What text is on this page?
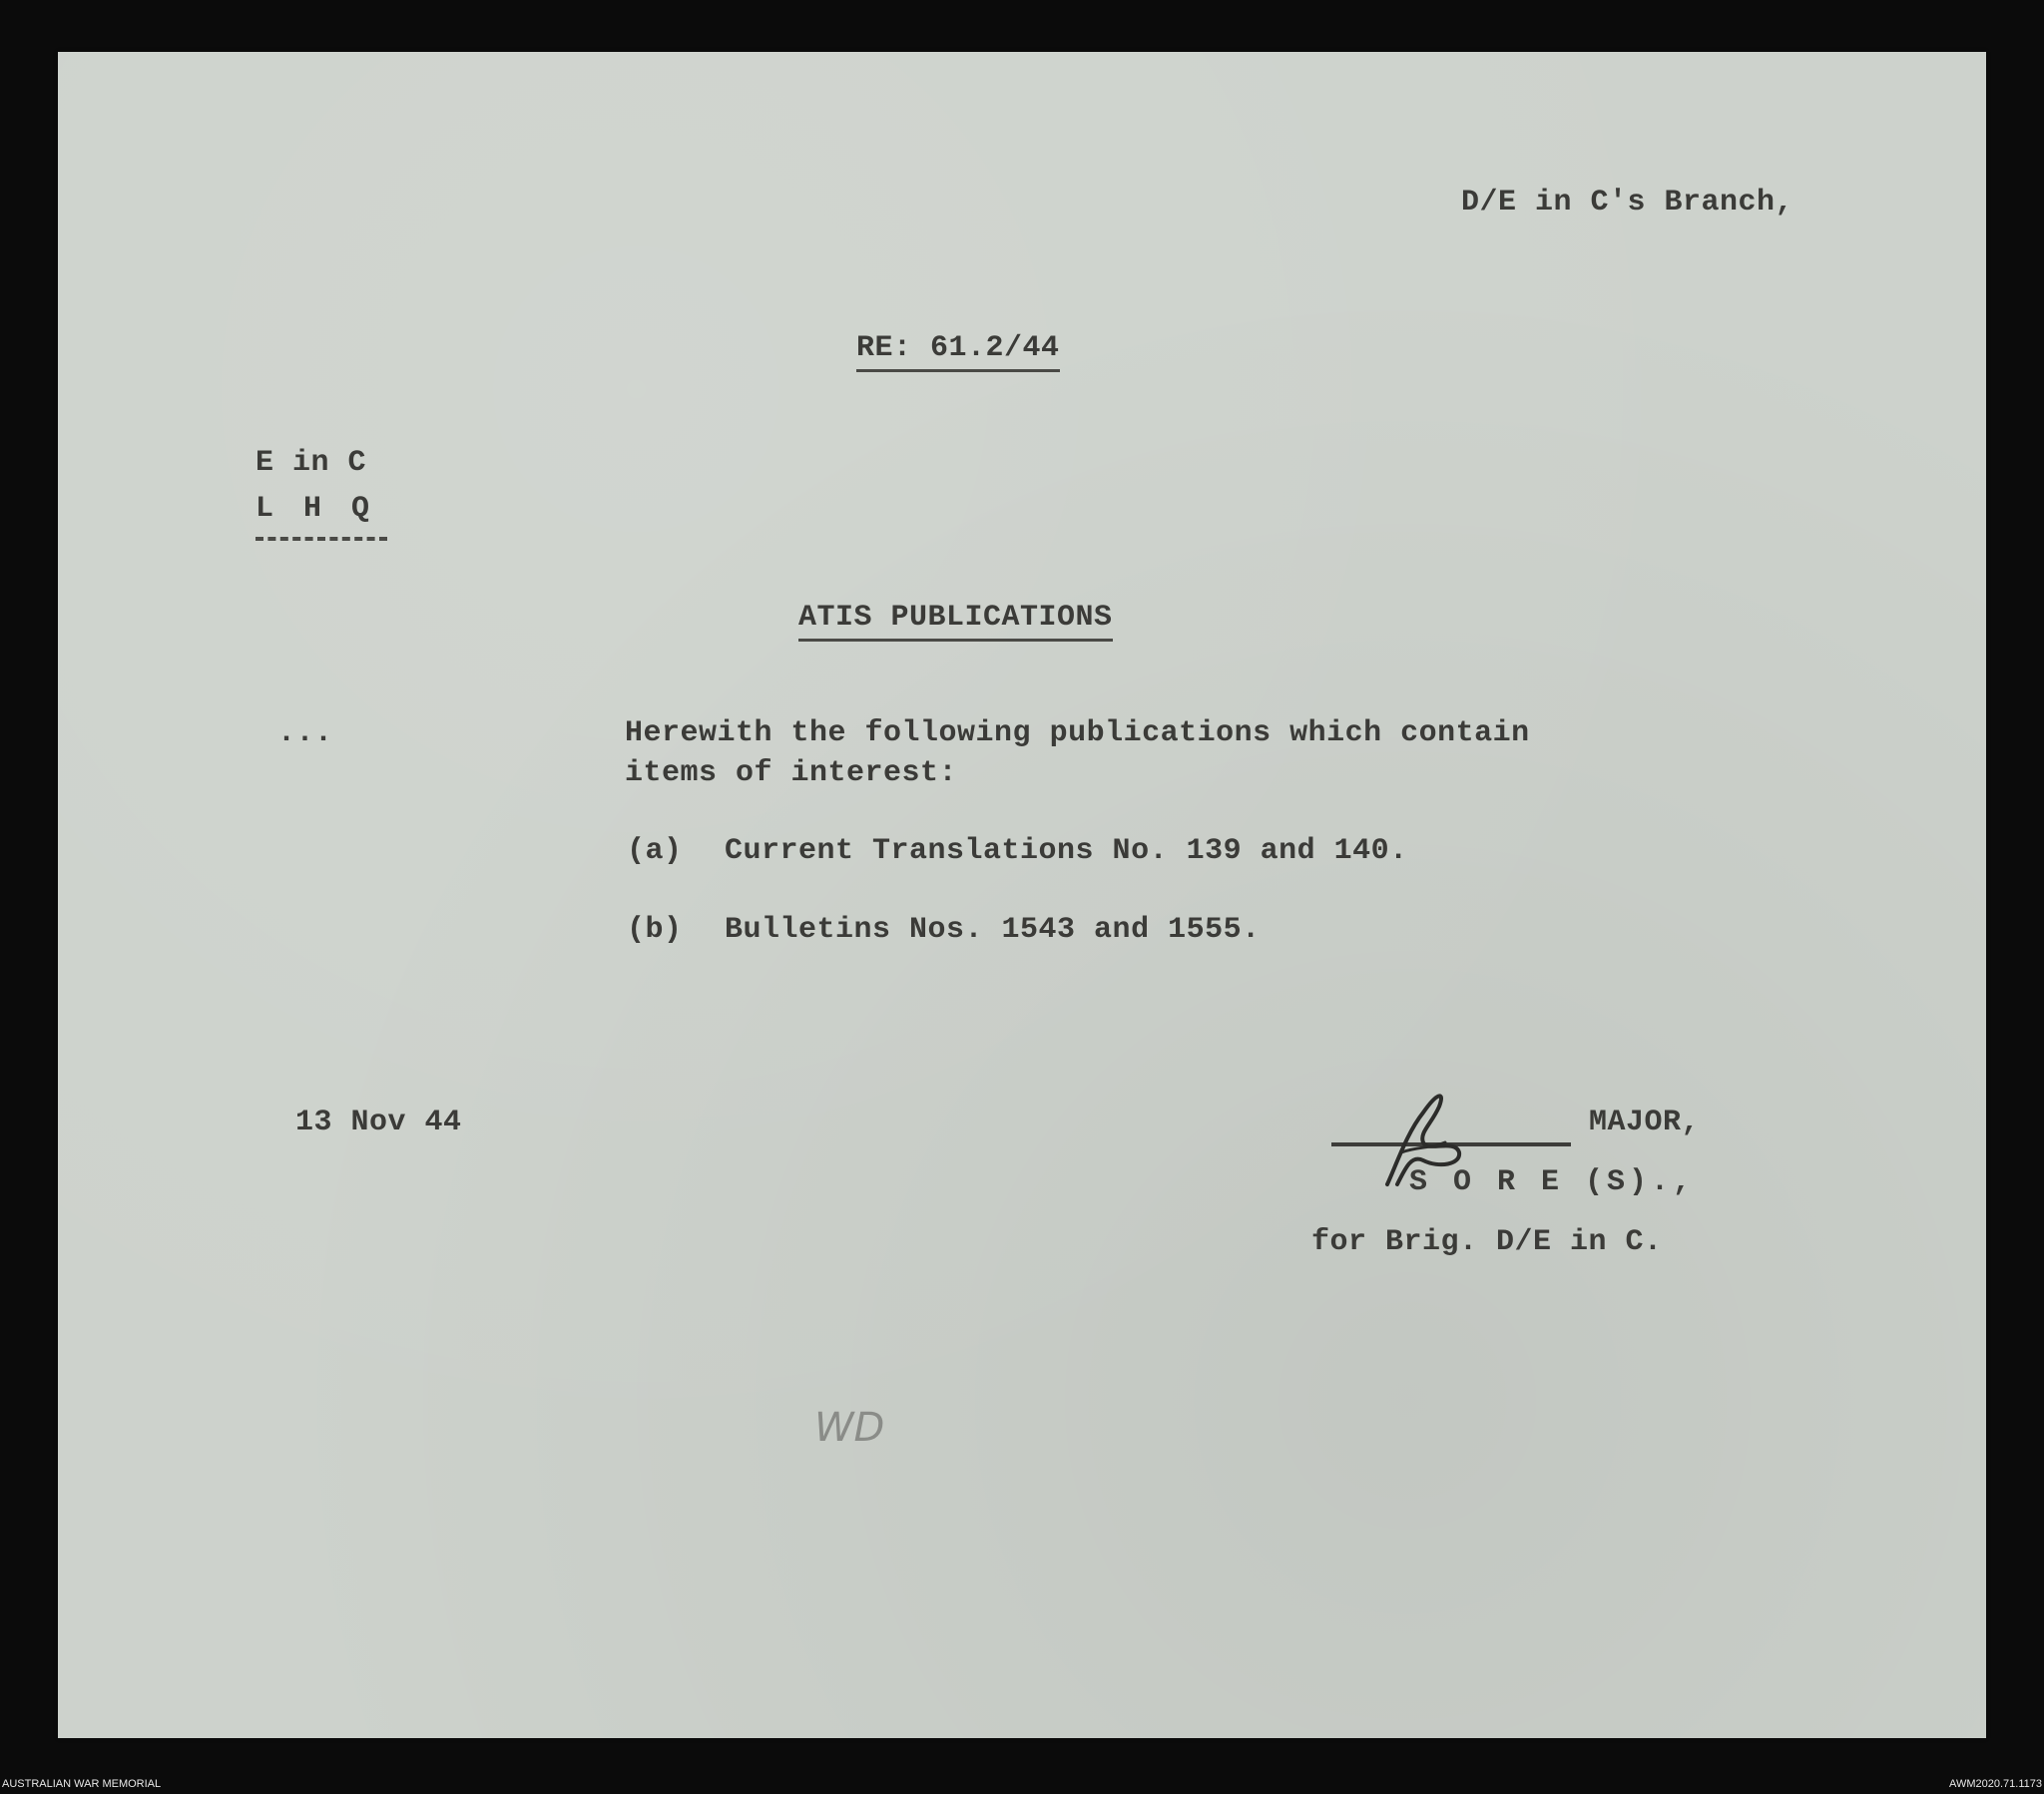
D/E in C's Branch,
RE: 61.2/44
E in C
L H Q
ATIS PUBLICATIONS
...	Herewith the following publications which contain
items of interest:
(a) Current Translations No. 139 and 140.
(b) Bulletins Nos. 1543 and 1555.
13 Nov 44	MAJOR,
S O R E (S).,
for Brig. D/E in C.
WD
AUSTRALIAN WAR MEMORIAL	AWM2020.71.1173
